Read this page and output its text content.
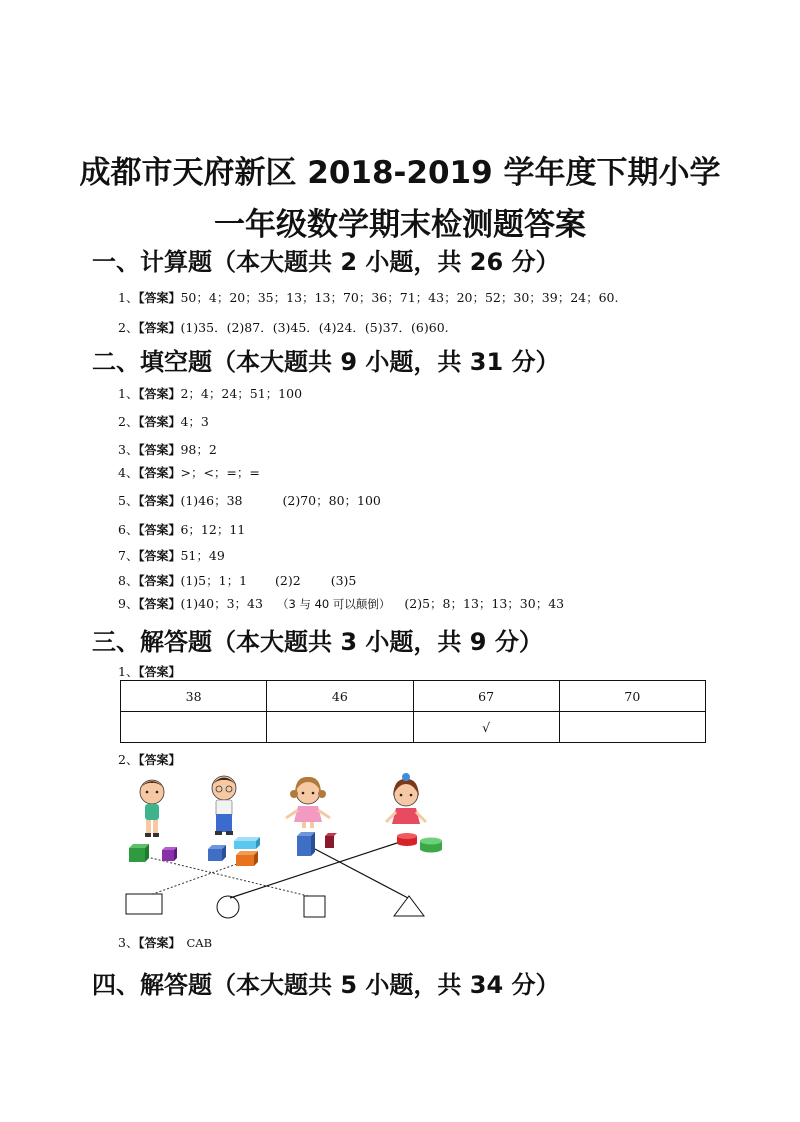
成都市天府新区 2018-2019 学年度下期小学
一年级数学期末检测题答案
一、计算题（本大题共 2 小题，共 26 分）
1、【答案】50；4；20；35；13；13；70；36；71；43；20；52；30；39；24；60.
2、【答案】(1)35．(2)87．(3)45．(4)24．(5)37．(6)60.
二、填空题（本大题共 9 小题，共 31 分）
1、【答案】2；4；24；51；100
2、【答案】4；3
3、【答案】98；2
4、【答案】>；<；=；=
5、【答案】(1)46；38	(2)70；80；100
6、【答案】6；12；11
7、【答案】51；49
8、【答案】(1)5；1；1 (2)2 (3)5
9、【答案】(1)40；3；43 （3 与 40 可以颠倒） (2)5；8；13；13；30；43
三、解答题（本大题共 3 小题，共 9 分）
1、【答案】
38	46	67	70
		√	
2、【答案】
3、【答案】 CAB
四、解答题（本大题共 5 小题，共 34 分）
